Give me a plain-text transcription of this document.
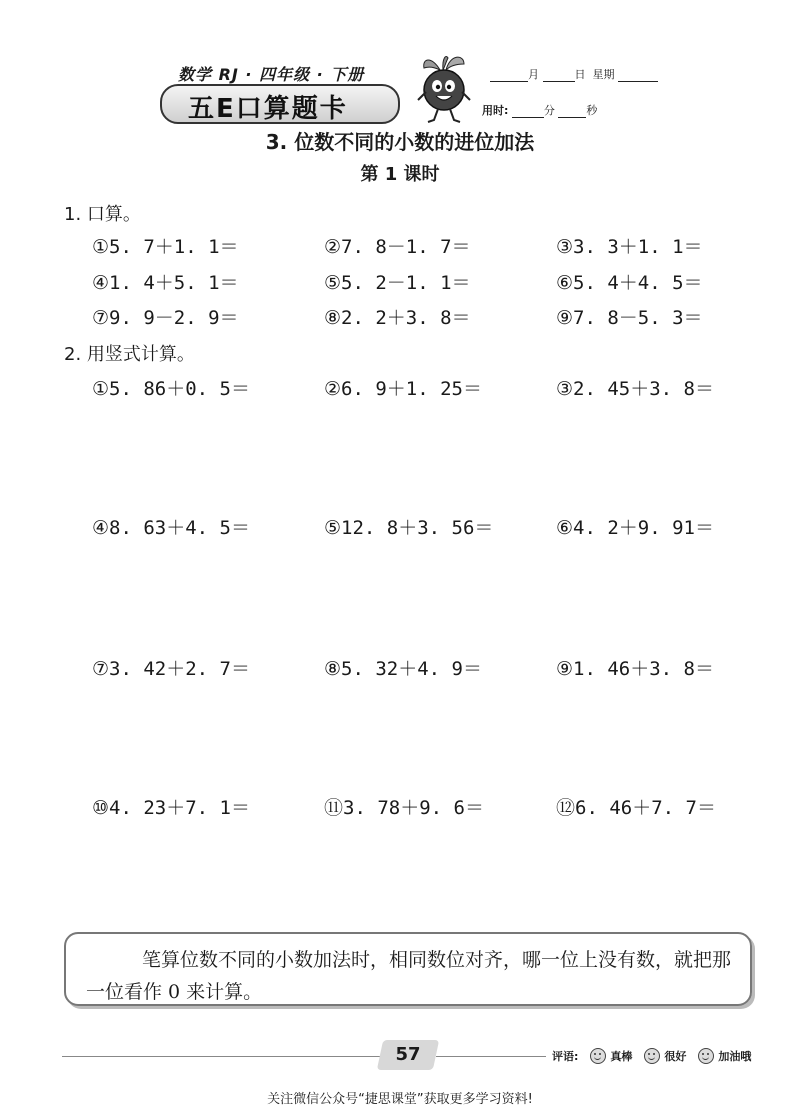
数学 RJ · 四年级 · 下册
五E口算题卡
月	日 星期
用时:	分	秒
3. 位数不同的小数的进位加法
第 1 课时
1. 口算。
①5. 7＋1. 1＝	②7. 8－1. 7＝	③3. 3＋1. 1＝
④1. 4＋5. 1＝	⑤5. 2－1. 1＝	⑥5. 4＋4. 5＝
⑦9. 9－2. 9＝	⑧2. 2＋3. 8＝	⑨7. 8－5. 3＝
2. 用竖式计算。
①5. 86＋0. 5＝	②6. 9＋1. 25＝	③2. 45＋3. 8＝
④8. 63＋4. 5＝	⑤12. 8＋3. 56＝	⑥4. 2＋9. 91＝
⑦3. 42＋2. 7＝	⑧5. 32＋4. 9＝	⑨1. 46＋3. 8＝
⑩4. 23＋7. 1＝	⑪3. 78＋9. 6＝	⑫6. 46＋7. 7＝
笔算位数不同的小数加法时，相同数位对齐，哪一位上没有数，就把那一位看作 0 来计算。
57	评语:	真棒	很好	加油哦
关注微信公众号“捷思课堂”获取更多学习资料!
